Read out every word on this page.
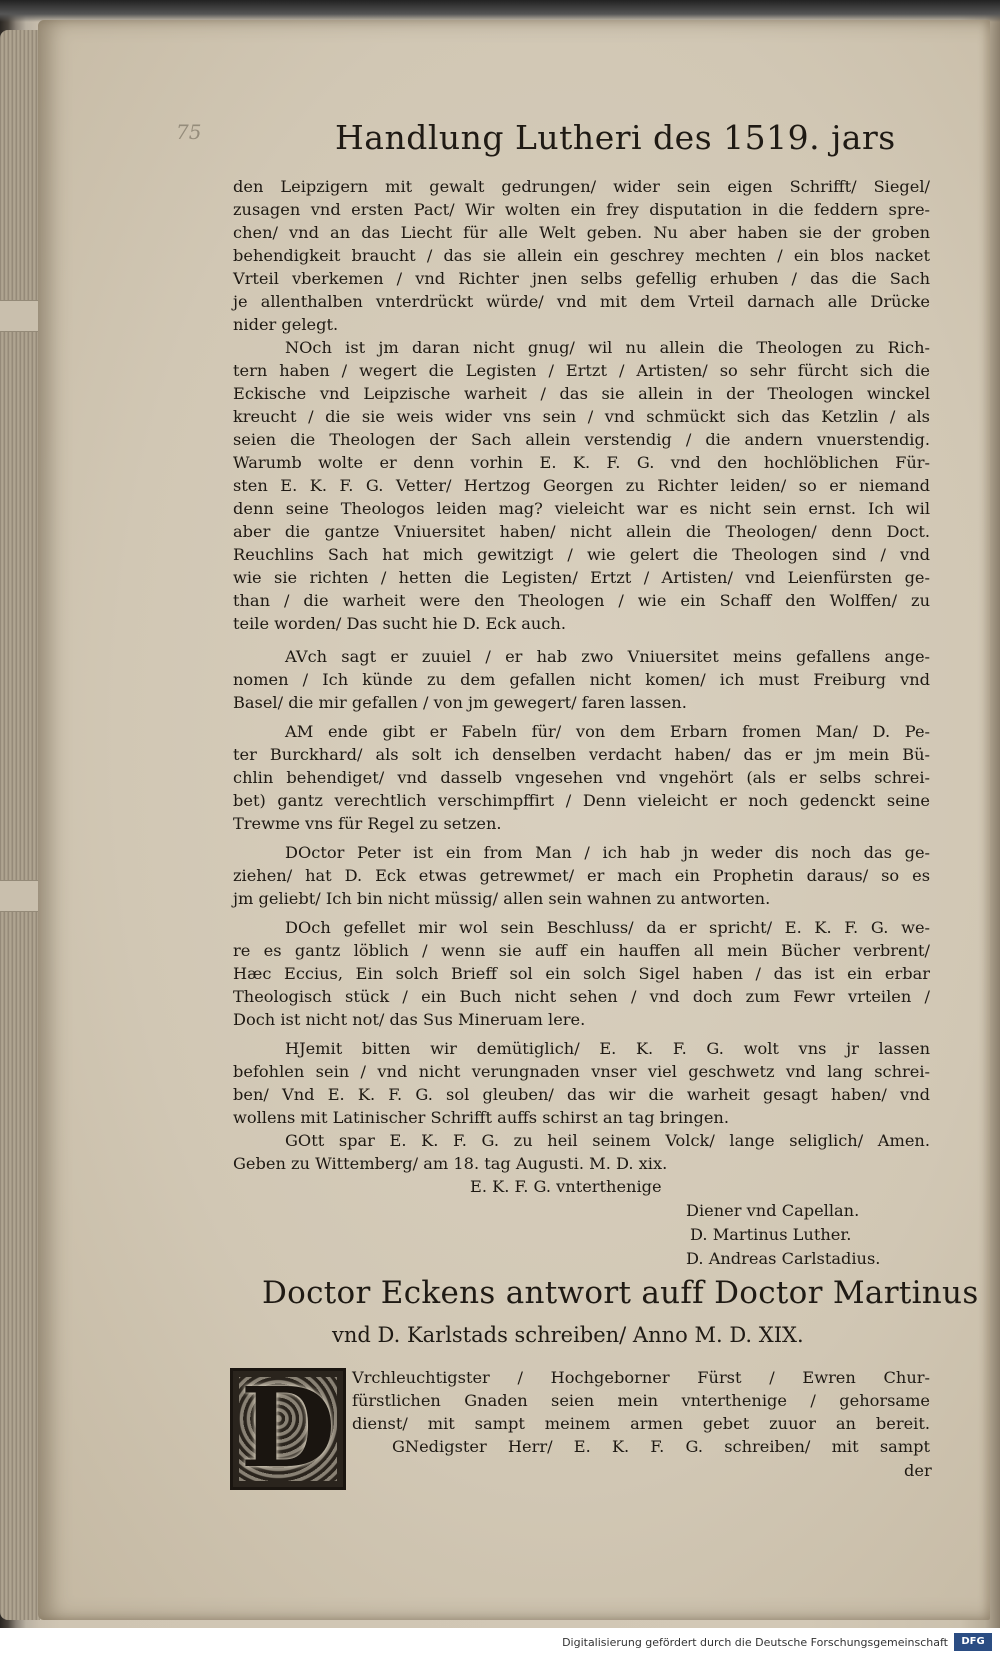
75	Handlung Lutheri des 1519. jars
den Leipzigern mit gewalt gedrungen/ wider sein eigen Schrifft/ Siegel/
zusagen vnd ersten Pact/ Wir wolten ein frey disputation in die feddern spre-
chen/ vnd an das Liecht für alle Welt geben. Nu aber haben sie der groben
behendigkeit braucht / das sie allein ein geschrey mechten / ein blos nacket
Vrteil vberkemen / vnd Richter jnen selbs gefellig erhuben / das die Sach
je allenthalben vnterdrückt würde/ vnd mit dem Vrteil darnach alle Drücke
nider gelegt.
NOch ist jm daran nicht gnug/ wil nu allein die Theologen zu Rich-
tern haben / wegert die Legisten / Ertzt / Artisten/ so sehr fürcht sich die
Eckische vnd Leipzische warheit / das sie allein in der Theologen winckel
kreucht / die sie weis wider vns sein / vnd schmückt sich das Ketzlin / als
seien die Theologen der Sach allein verstendig / die andern vnuerstendig.
Warumb wolte er denn vorhin E. K. F. G. vnd den hochlöblichen Für-
sten E. K. F. G. Vetter/ Hertzog Georgen zu Richter leiden/ so er niemand
denn seine Theologos leiden mag? vieleicht war es nicht sein ernst. Ich wil
aber die gantze Vniuersitet haben/ nicht allein die Theologen/ denn Doct.
Reuchlins Sach hat mich gewitzigt / wie gelert die Theologen sind / vnd
wie sie richten / hetten die Legisten/ Ertzt / Artisten/ vnd Leienfürsten ge-
than / die warheit were den Theologen / wie ein Schaff den Wolffen/ zu
teile worden/ Das sucht hie D. Eck auch.
AVch sagt er zuuiel / er hab zwo Vniuersitet meins gefallens ange-
nomen / Ich künde zu dem gefallen nicht komen/ ich must Freiburg vnd
Basel/ die mir gefallen / von jm gewegert/ faren lassen.
AM ende gibt er Fabeln für/ von dem Erbarn fromen Man/ D. Pe-
ter Burckhard/ als solt ich denselben verdacht haben/ das er jm mein Bü-
chlin behendiget/ vnd dasselb vngesehen vnd vngehört (als er selbs schrei-
bet) gantz verechtlich verschimpffirt / Denn vieleicht er noch gedenckt seine
Trewme vns für Regel zu setzen.
DOctor Peter ist ein from Man / ich hab jn weder dis noch das ge-
ziehen/ hat D. Eck etwas getrewmet/ er mach ein Prophetin daraus/ so es
jm geliebt/ Ich bin nicht müssig/ allen sein wahnen zu antworten.
DOch gefellet mir wol sein Beschluss/ da er spricht/ E. K. F. G. we-
re es gantz löblich / wenn sie auff ein hauffen all mein Bücher verbrent/
Hæc Eccius, Ein solch Brieff sol ein solch Sigel haben / das ist ein erbar
Theologisch stück / ein Buch nicht sehen / vnd doch zum Fewr vrteilen /
Doch ist nicht not/ das Sus Mineruam lere.
HJemit bitten wir demütiglich/ E. K. F. G. wolt vns jr lassen
befohlen sein / vnd nicht verungnaden vnser viel geschwetz vnd lang schrei-
ben/ Vnd E. K. F. G. sol gleuben/ das wir die warheit gesagt haben/ vnd
wollens mit Latinischer Schrifft auffs schirst an tag bringen.
GOtt spar E. K. F. G. zu heil seinem Volck/ lange seliglich/ Amen.
Geben zu Wittemberg/ am 18. tag Augusti. M. D. xix.
E. K. F. G. vnterthenige
Diener vnd Capellan.
D. Martinus Luther.
D. Andreas Carlstadius.
Doctor Eckens antwort auff Doctor Martinus
vnd D. Karlstads schreiben/ Anno M. D. XIX.
D	Vrchleuchtigster / Hochgeborner Fürst / Ewren Chur-
fürstlichen Gnaden seien mein vnterthenige / gehorsame
dienst/ mit sampt meinem armen gebet zuuor an bereit.
GNedigster Herr/ E. K. F. G. schreiben/ mit sampt
der
Digitalisierung gefördert durch die Deutsche Forschungsgemeinschaft	DFG
